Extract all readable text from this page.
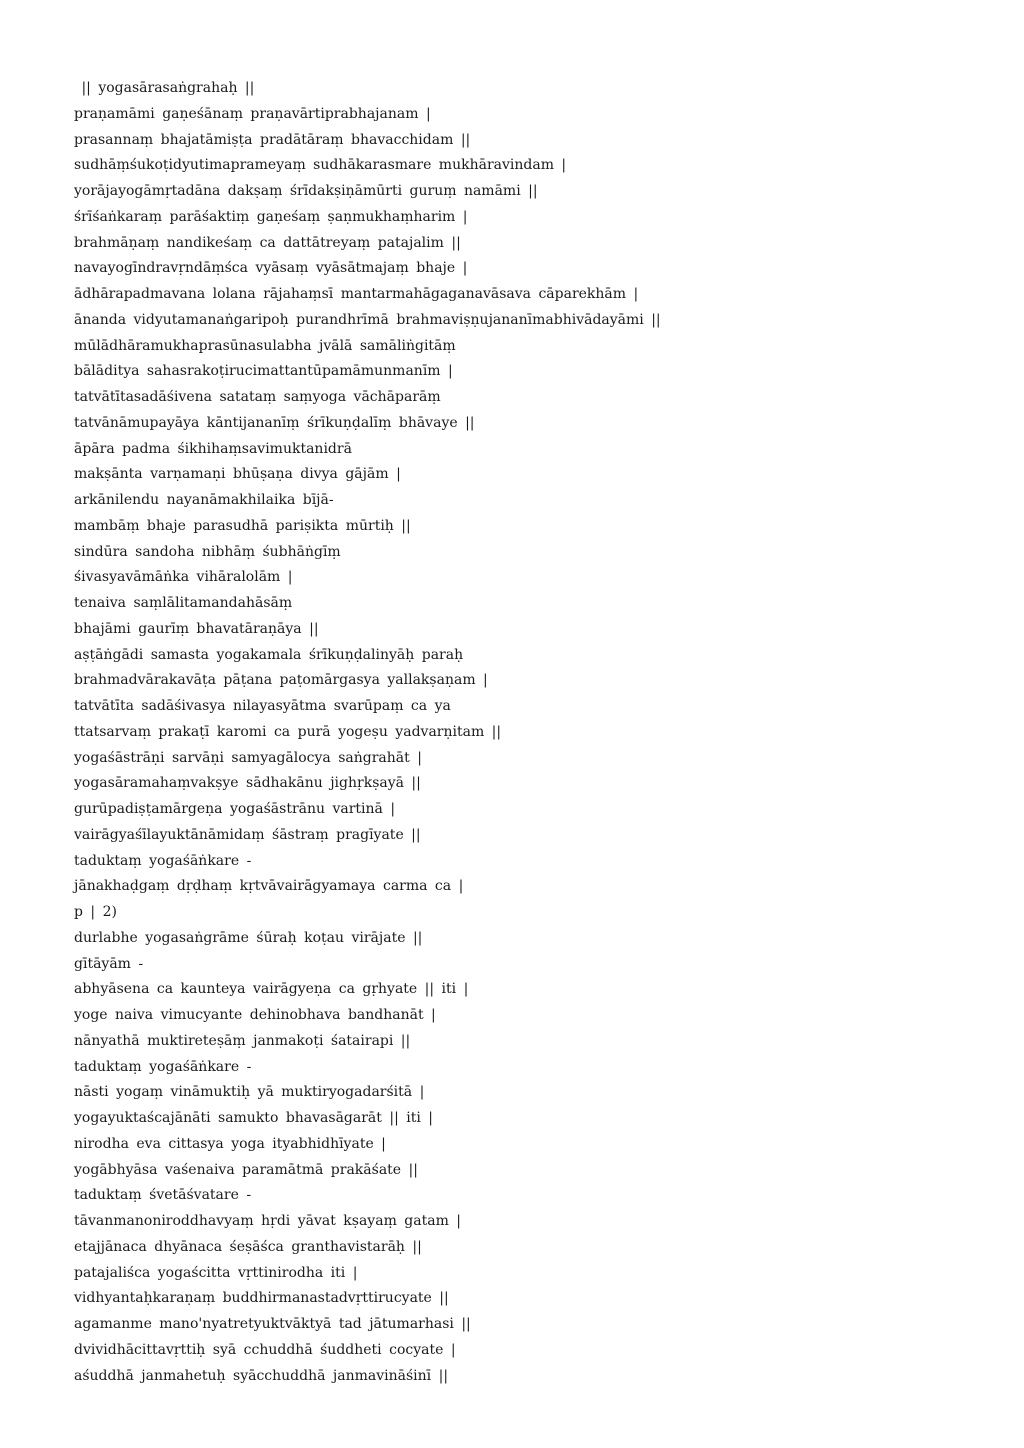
|| yogasārasaṅgrahaḥ ||
praṇamāmi gaṇeśānaṃ praṇavārtiprabhajanam |
prasannaṃ bhajatāmiṣṭa pradātāraṃ bhavacchidam ||
sudhāṃśukoṭidyutimaprameyaṃ sudhākarasmare mukhāravindam |
yorājayogāmṛtadāna dakṣaṃ śrīdakṣiṇāmūrti guruṃ namāmi ||
śrīśaṅkaraṃ parāśaktiṃ gaṇeśaṃ ṣaṇmukhaṃharim |
brahmāṇaṃ nandikeśaṃ ca dattātreyaṃ patajalim ||
navayogīndravṛndāṃśca vyāsaṃ vyāsātmajaṃ bhaje |
ādhārapadmavana lolana rājahaṃsī mantarmahāgaganavāsava cāparekhām |
ānanda vidyutamanaṅgaripoḥ purandhrīmā brahmaviṣṇujananīmabhivādayāmi ||
mūlādhāramukhaprasūnasulabha jvālā samāliṅgitāṃ
bālāditya sahasrakoṭirucimattantūpamāmunmanīm |
tatvātītasadāśivena satataṃ saṃyoga vāchāparāṃ
tatvānāmupayāya kāntijananīṃ śrīkuṇḍalīṃ bhāvaye ||
āpāra padma śikhihaṃsavimuktanidrā
makṣānta varṇamaṇi bhūṣaṇa divya gājām |
arkānilendu nayanāmakhilaika bījā-
mambāṃ bhaje parasudhā pariṣikta mūrtiḥ ||
sindūra sandoha nibhāṃ śubhāṅgīṃ
śivasyavāmāṅka vihāralolām |
tenaiva saṃlālitamandahāsāṃ
bhajāmi gaurīṃ bhavatāraṇāya ||
aṣṭāṅgādi samasta yogakamala śrīkuṇḍalinyāḥ paraḥ
brahmadvārakavāṭa pāṭana paṭomārgasya yallakṣaṇam |
tatvātīta sadāśivasya nilayasyātma svarūpaṃ ca ya
ttatsarvaṃ prakaṭī karomi ca purā yogeṣu yadvarṇitam ||
yogaśāstrāṇi sarvāṇi samyagālocya saṅgrahāt |
yogasāramahaṃvakṣye sādhakānu jighṛkṣayā ||
gurūpadiṣṭamārgeṇa yogaśāstrānu vartinā |
vairāgyaśīlayuktānāmidaṃ śāstraṃ pragīyate ||
taduktaṃ yogaśāṅkare -
jānakhaḍgaṃ dṛḍhaṃ kṛtvāvairāgyamaya carma ca |
p | 2)
durlabhe yogasaṅgrāme śūraḥ koṭau virājate ||
gītāyām -
abhyāsena ca kaunteya vairāgyeṇa ca gṛhyate || iti |
yoge naiva vimucyante dehinobhava bandhanāt |
nānyathā muktireteṣāṃ janmakoṭi śatairapi ||
taduktaṃ yogaśāṅkare -
nāsti yogaṃ vināmuktiḥ yā muktiryogadarśitā |
yogayuktaścajānāti samukto bhavasāgarāt || iti |
nirodha eva cittasya yoga ityabhidhīyate |
yogābhyāsa vaśenaiva paramātmā prakāśate ||
taduktaṃ śvetāśvatare -
tāvanmanoniroddhavyaṃ hṛdi yāvat kṣayaṃ gatam |
etajjānaca dhyānaca śeṣāśca granthavistarāḥ ||
patajaliśca yogaścitta vṛttinirodha iti |
vidhyantaḥkaraṇaṃ buddhirmanastadvṛttirucyate ||
agamanme mano'nyatretyuktvāktyā tad jātumarhasi ||
dvividhācittavṛttiḥ syā cchuddhā śuddheti cocyate |
aśuddhā janmahetuḥ syācchuddhā janmavināśinī ||
